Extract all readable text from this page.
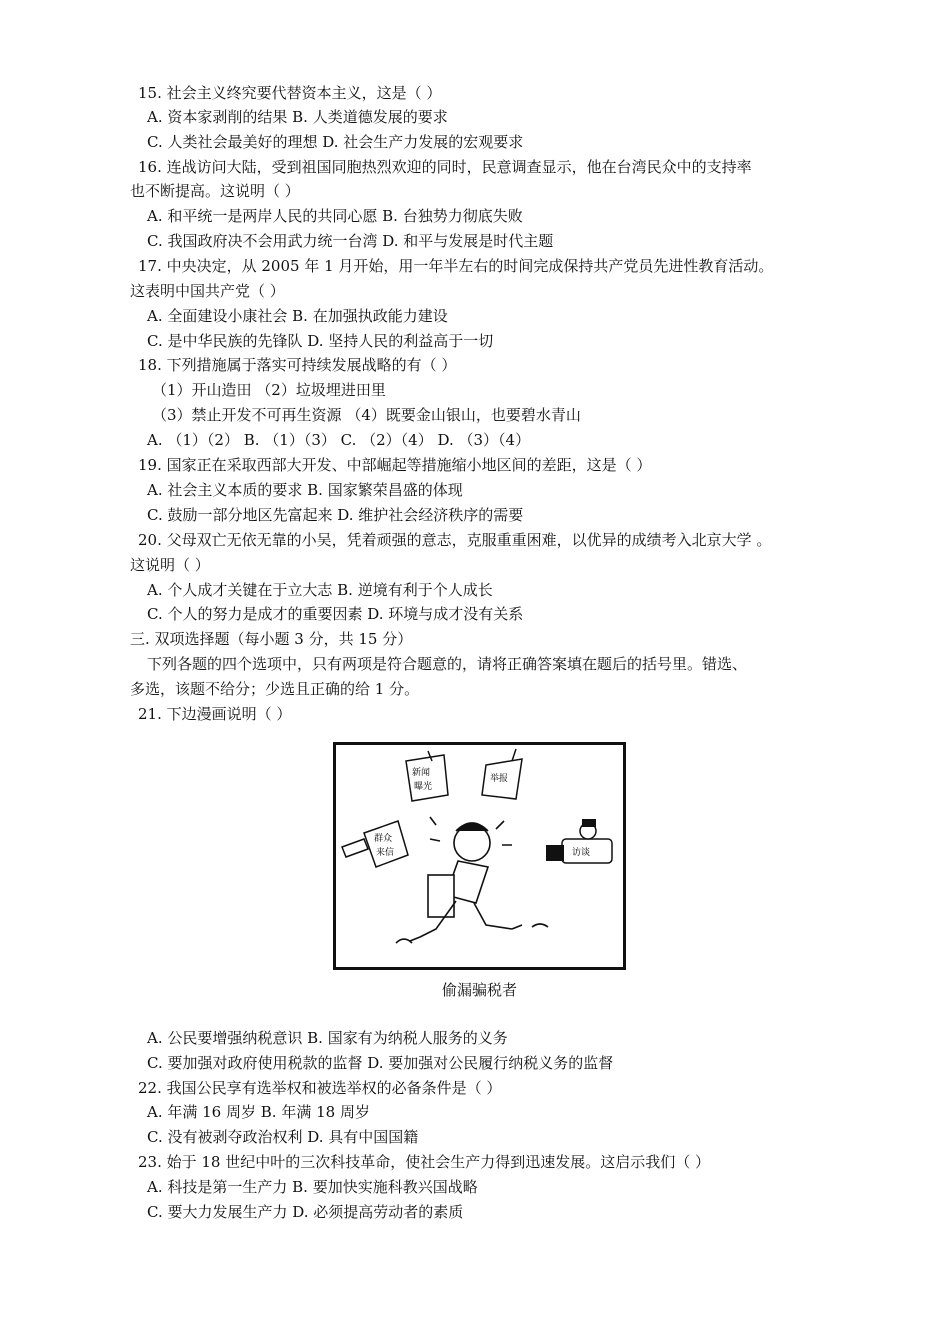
15. 社会主义终究要代替资本主义，这是（ ）
A. 资本家剥削的结果 B. 人类道德发展的要求
C. 人类社会最美好的理想 D. 社会生产力发展的宏观要求
16. 连战访问大陆，受到祖国同胞热烈欢迎的同时，民意调查显示，他在台湾民众中的支持率
也不断提高。这说明（ ）
A. 和平统一是两岸人民的共同心愿 B. 台独势力彻底失败
C. 我国政府决不会用武力统一台湾 D. 和平与发展是时代主题
17. 中央决定，从 2005 年 1 月开始，用一年半左右的时间完成保持共产党员先进性教育活动。
这表明中国共产党（ ）
A. 全面建设小康社会 B. 在加强执政能力建设
C. 是中华民族的先锋队 D. 坚持人民的利益高于一切
18. 下列措施属于落实可持续发展战略的有（ ）
（1）开山造田 （2）垃圾埋进田里
（3）禁止开发不可再生资源 （4）既要金山银山，也要碧水青山
A. （1）（2） B. （1）（3） C. （2）（4） D. （3）（4）
19. 国家正在采取西部大开发、中部崛起等措施缩小地区间的差距，这是（ ）
A. 社会主义本质的要求 B. 国家繁荣昌盛的体现
C. 鼓励一部分地区先富起来 D. 维护社会经济秩序的需要
20. 父母双亡无依无靠的小吴，凭着顽强的意志，克服重重困难，以优异的成绩考入北京大学 。
这说明（ ）
A. 个人成才关键在于立大志 B. 逆境有利于个人成长
C. 个人的努力是成才的重要因素 D. 环境与成才没有关系
三. 双项选择题（每小题 3 分，共 15 分）
下列各题的四个选项中，只有两项是符合题意的，请将正确答案填在题后的括号里。错选、
多选，该题不给分；少选且正确的给 1 分。
21. 下边漫画说明（ ）
A. 公民要增强纳税意识 B. 国家有为纳税人服务的义务
C. 要加强对政府使用税款的监督 D. 要加强对公民履行纳税义务的监督
22. 我国公民享有选举权和被选举权的必备条件是（ ）
A. 年满 16 周岁 B. 年满 18 周岁
C. 没有被剥夺政治权利 D. 具有中国国籍
23. 始于 18 世纪中叶的三次科技革命，使社会生产力得到迅速发展。这启示我们（ ）
A. 科技是第一生产力 B. 要加快实施科教兴国战略
C. 要大力发展生产力 D. 必须提高劳动者的素质
新闻
曝光
举报
群众
来信	访谈
偷漏骗税者
